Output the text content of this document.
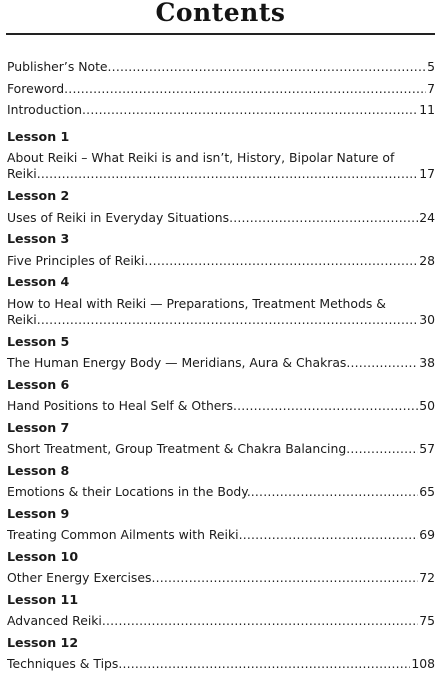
Contents
Publisher’s Note .....	5
Foreword .....	7
Introduction .....	11
Lesson 1
About Reiki – What Reiki is and isn’t, History, Bipolar Nature of
Reiki .....	17
Lesson 2
Uses of Reiki in Everyday Situations .....	24
Lesson 3
Five Principles of Reiki .....	28
Lesson 4
How to Heal with Reiki — Preparations, Treatment Methods &
Reiki .....	30
Lesson 5
The Human Energy Body — Meridians, Aura & Chakras .....	38
Lesson 6
Hand Positions to Heal Self & Others .....	50
Lesson 7
Short Treatment, Group Treatment & Chakra Balancing .....	57
Lesson 8
Emotions & their Locations in the Body. .....	65
Lesson 9
Treating Common Ailments with Reiki .....	69
Lesson 10
Other Energy Exercises .....	72
Lesson 11
Advanced Reiki .....	75
Lesson 12
Techniques & Tips .....	108
